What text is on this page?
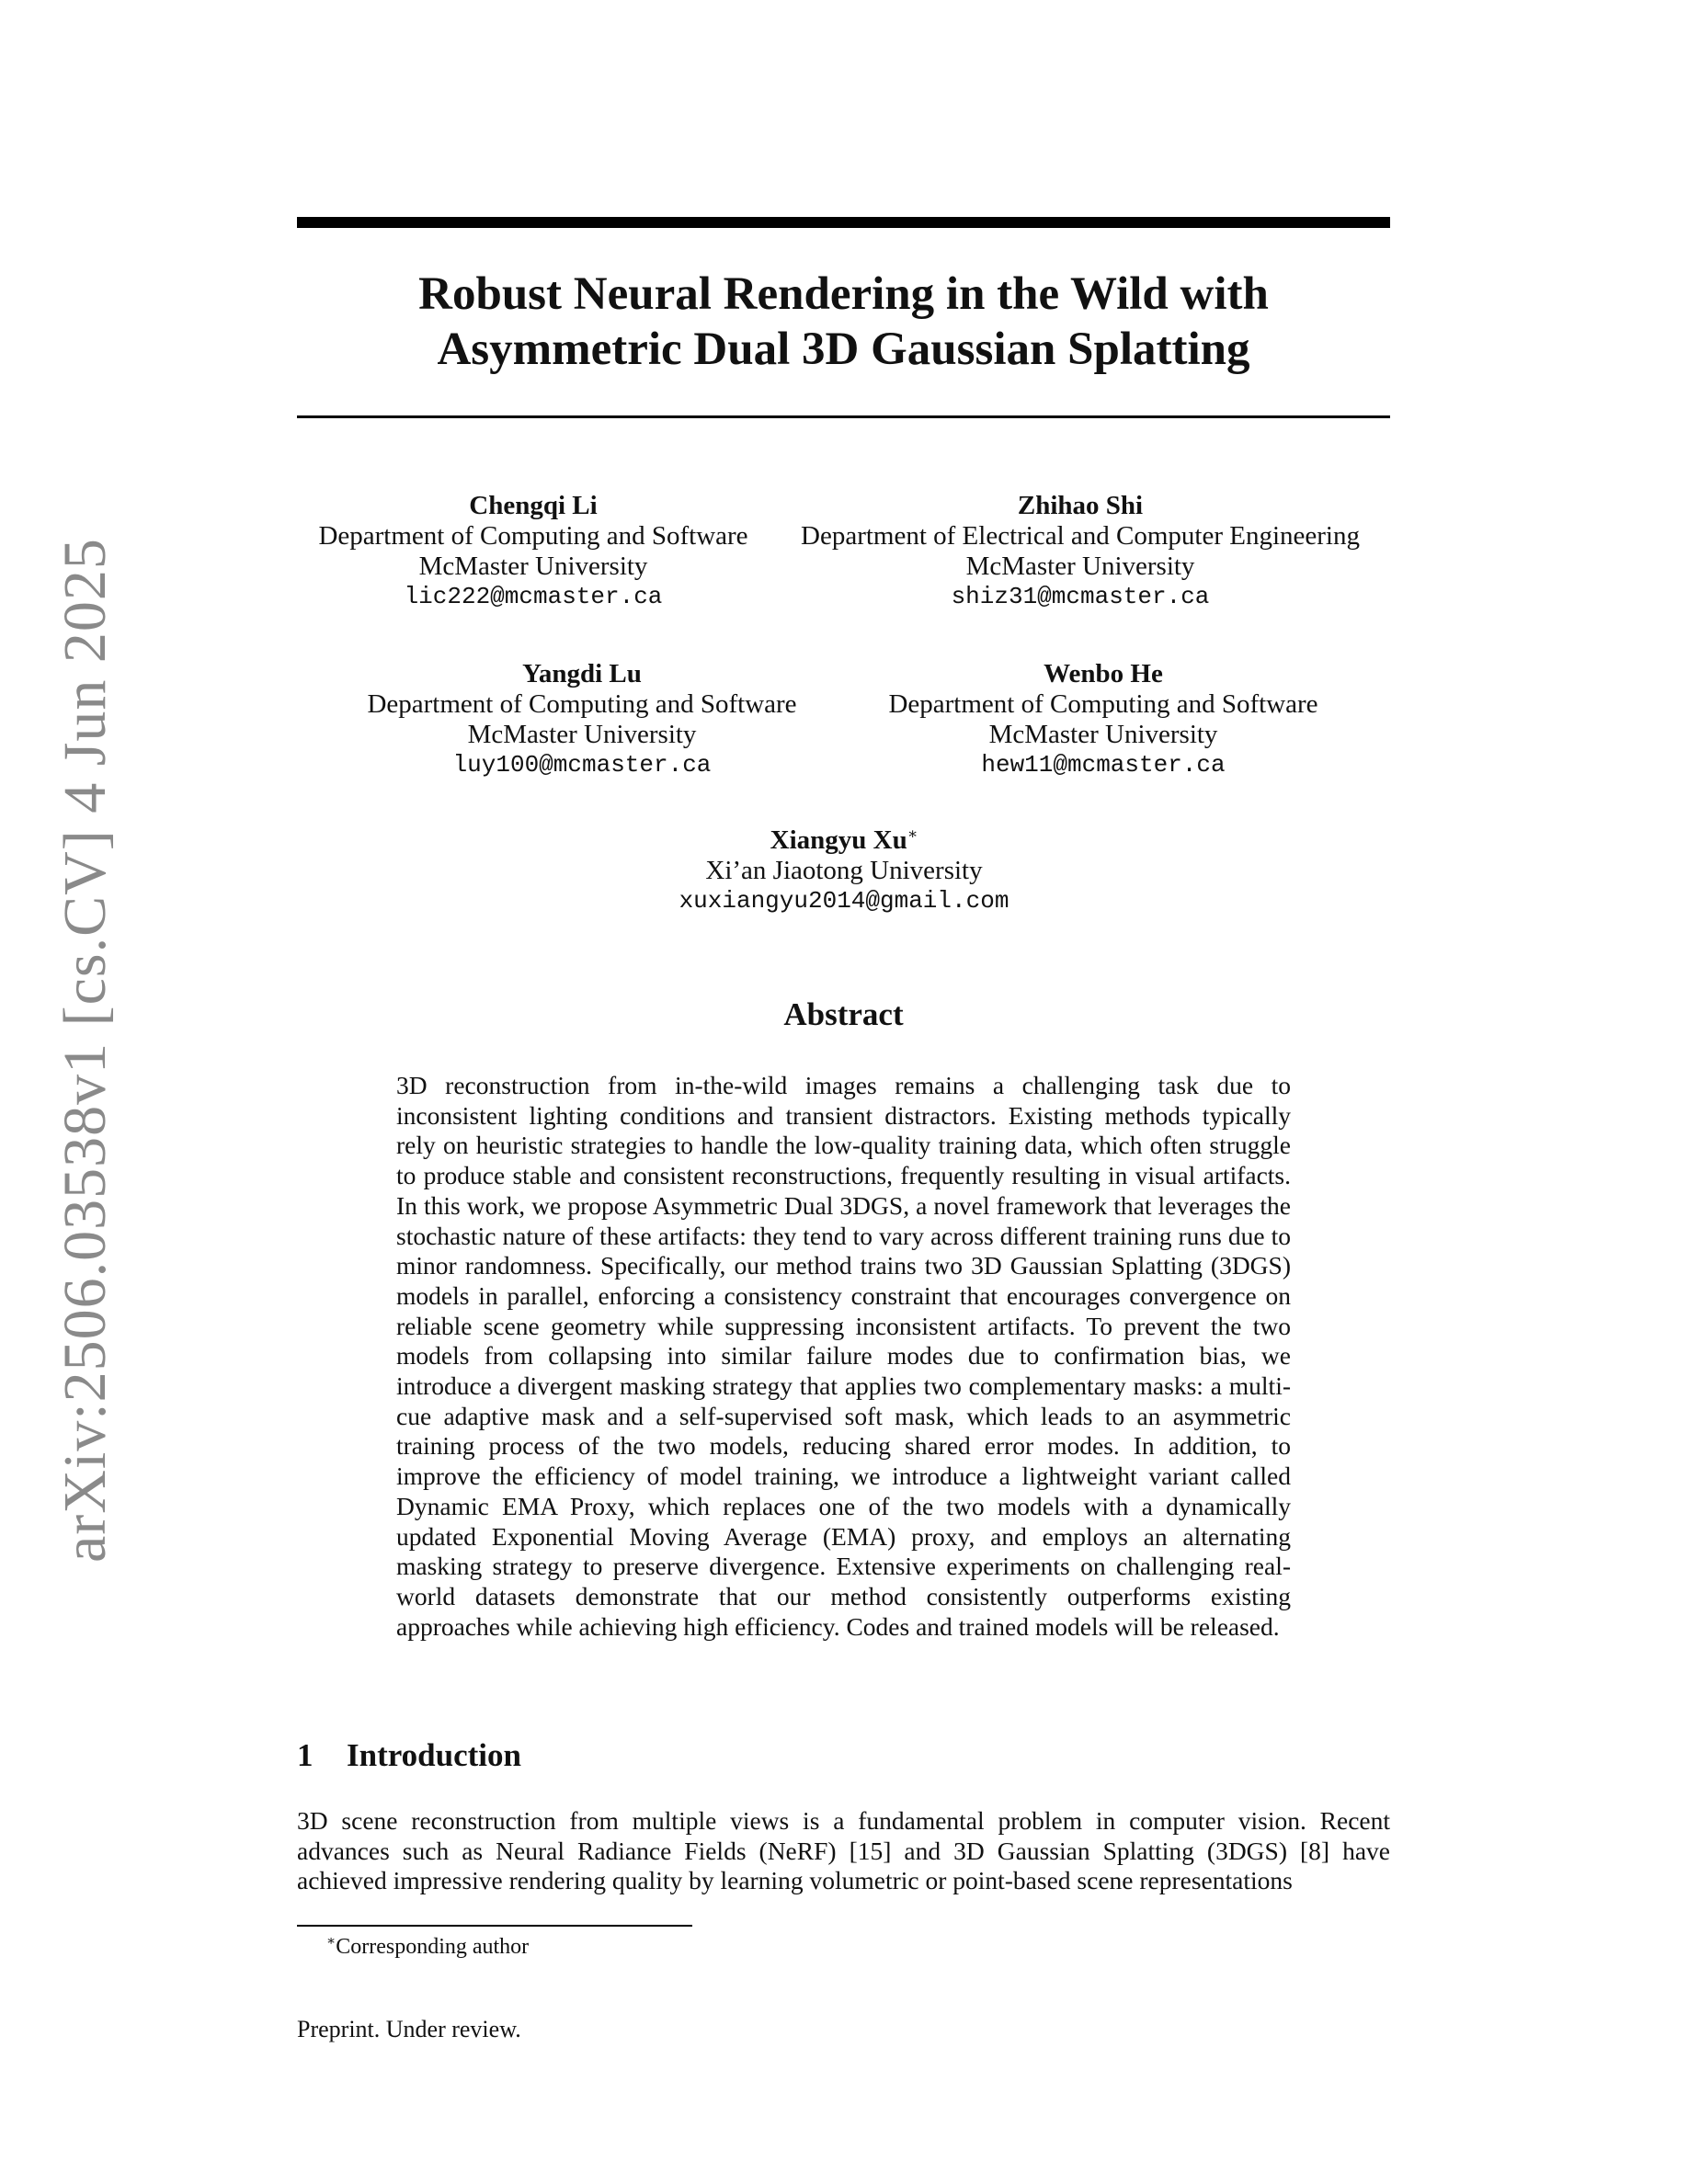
arXiv:2506.03538v1 [cs.CV] 4 Jun 2025
Robust Neural Rendering in the Wild with
Asymmetric Dual 3D Gaussian Splatting
Chengqi Li
Department of Computing and Software
McMaster University
lic222@mcmaster.ca
Zhihao Shi
Department of Electrical and Computer Engineering
McMaster University
shiz31@mcmaster.ca
Yangdi Lu
Department of Computing and Software
McMaster University
luy100@mcmaster.ca
Wenbo He
Department of Computing and Software
McMaster University
hew11@mcmaster.ca
Xiangyu Xu∗
Xi’an Jiaotong University
xuxiangyu2014@gmail.com
Abstract
3D reconstruction from in-the-wild images remains a challenging task due to inconsistent lighting conditions and transient distractors. Existing methods typically rely on heuristic strategies to handle the low-quality training data, which often struggle to produce stable and consistent reconstructions, frequently resulting in visual artifacts. In this work, we propose Asymmetric Dual 3DGS, a novel framework that leverages the stochastic nature of these artifacts: they tend to vary across different training runs due to minor randomness. Specifically, our method trains two 3D Gaussian Splatting (3DGS) models in parallel, enforcing a consistency constraint that encourages convergence on reliable scene geometry while suppressing inconsistent artifacts. To prevent the two models from collapsing into similar failure modes due to confirmation bias, we introduce a divergent masking strategy that applies two complementary masks: a multi-cue adaptive mask and a self-supervised soft mask, which leads to an asymmetric training process of the two models, reducing shared error modes. In addition, to improve the efficiency of model training, we introduce a lightweight variant called Dynamic EMA Proxy, which replaces one of the two models with a dynamically updated Exponential Moving Average (EMA) proxy, and employs an alternating masking strategy to preserve divergence. Extensive experiments on challenging real-world datasets demonstrate that our method consistently outperforms existing approaches while achieving high efficiency. Codes and trained models will be released.
1 Introduction
3D scene reconstruction from multiple views is a fundamental problem in computer vision. Recent advances such as Neural Radiance Fields (NeRF) [15] and 3D Gaussian Splatting (3DGS) [8] have achieved impressive rendering quality by learning volumetric or point-based scene representations
∗Corresponding author
Preprint. Under review.
